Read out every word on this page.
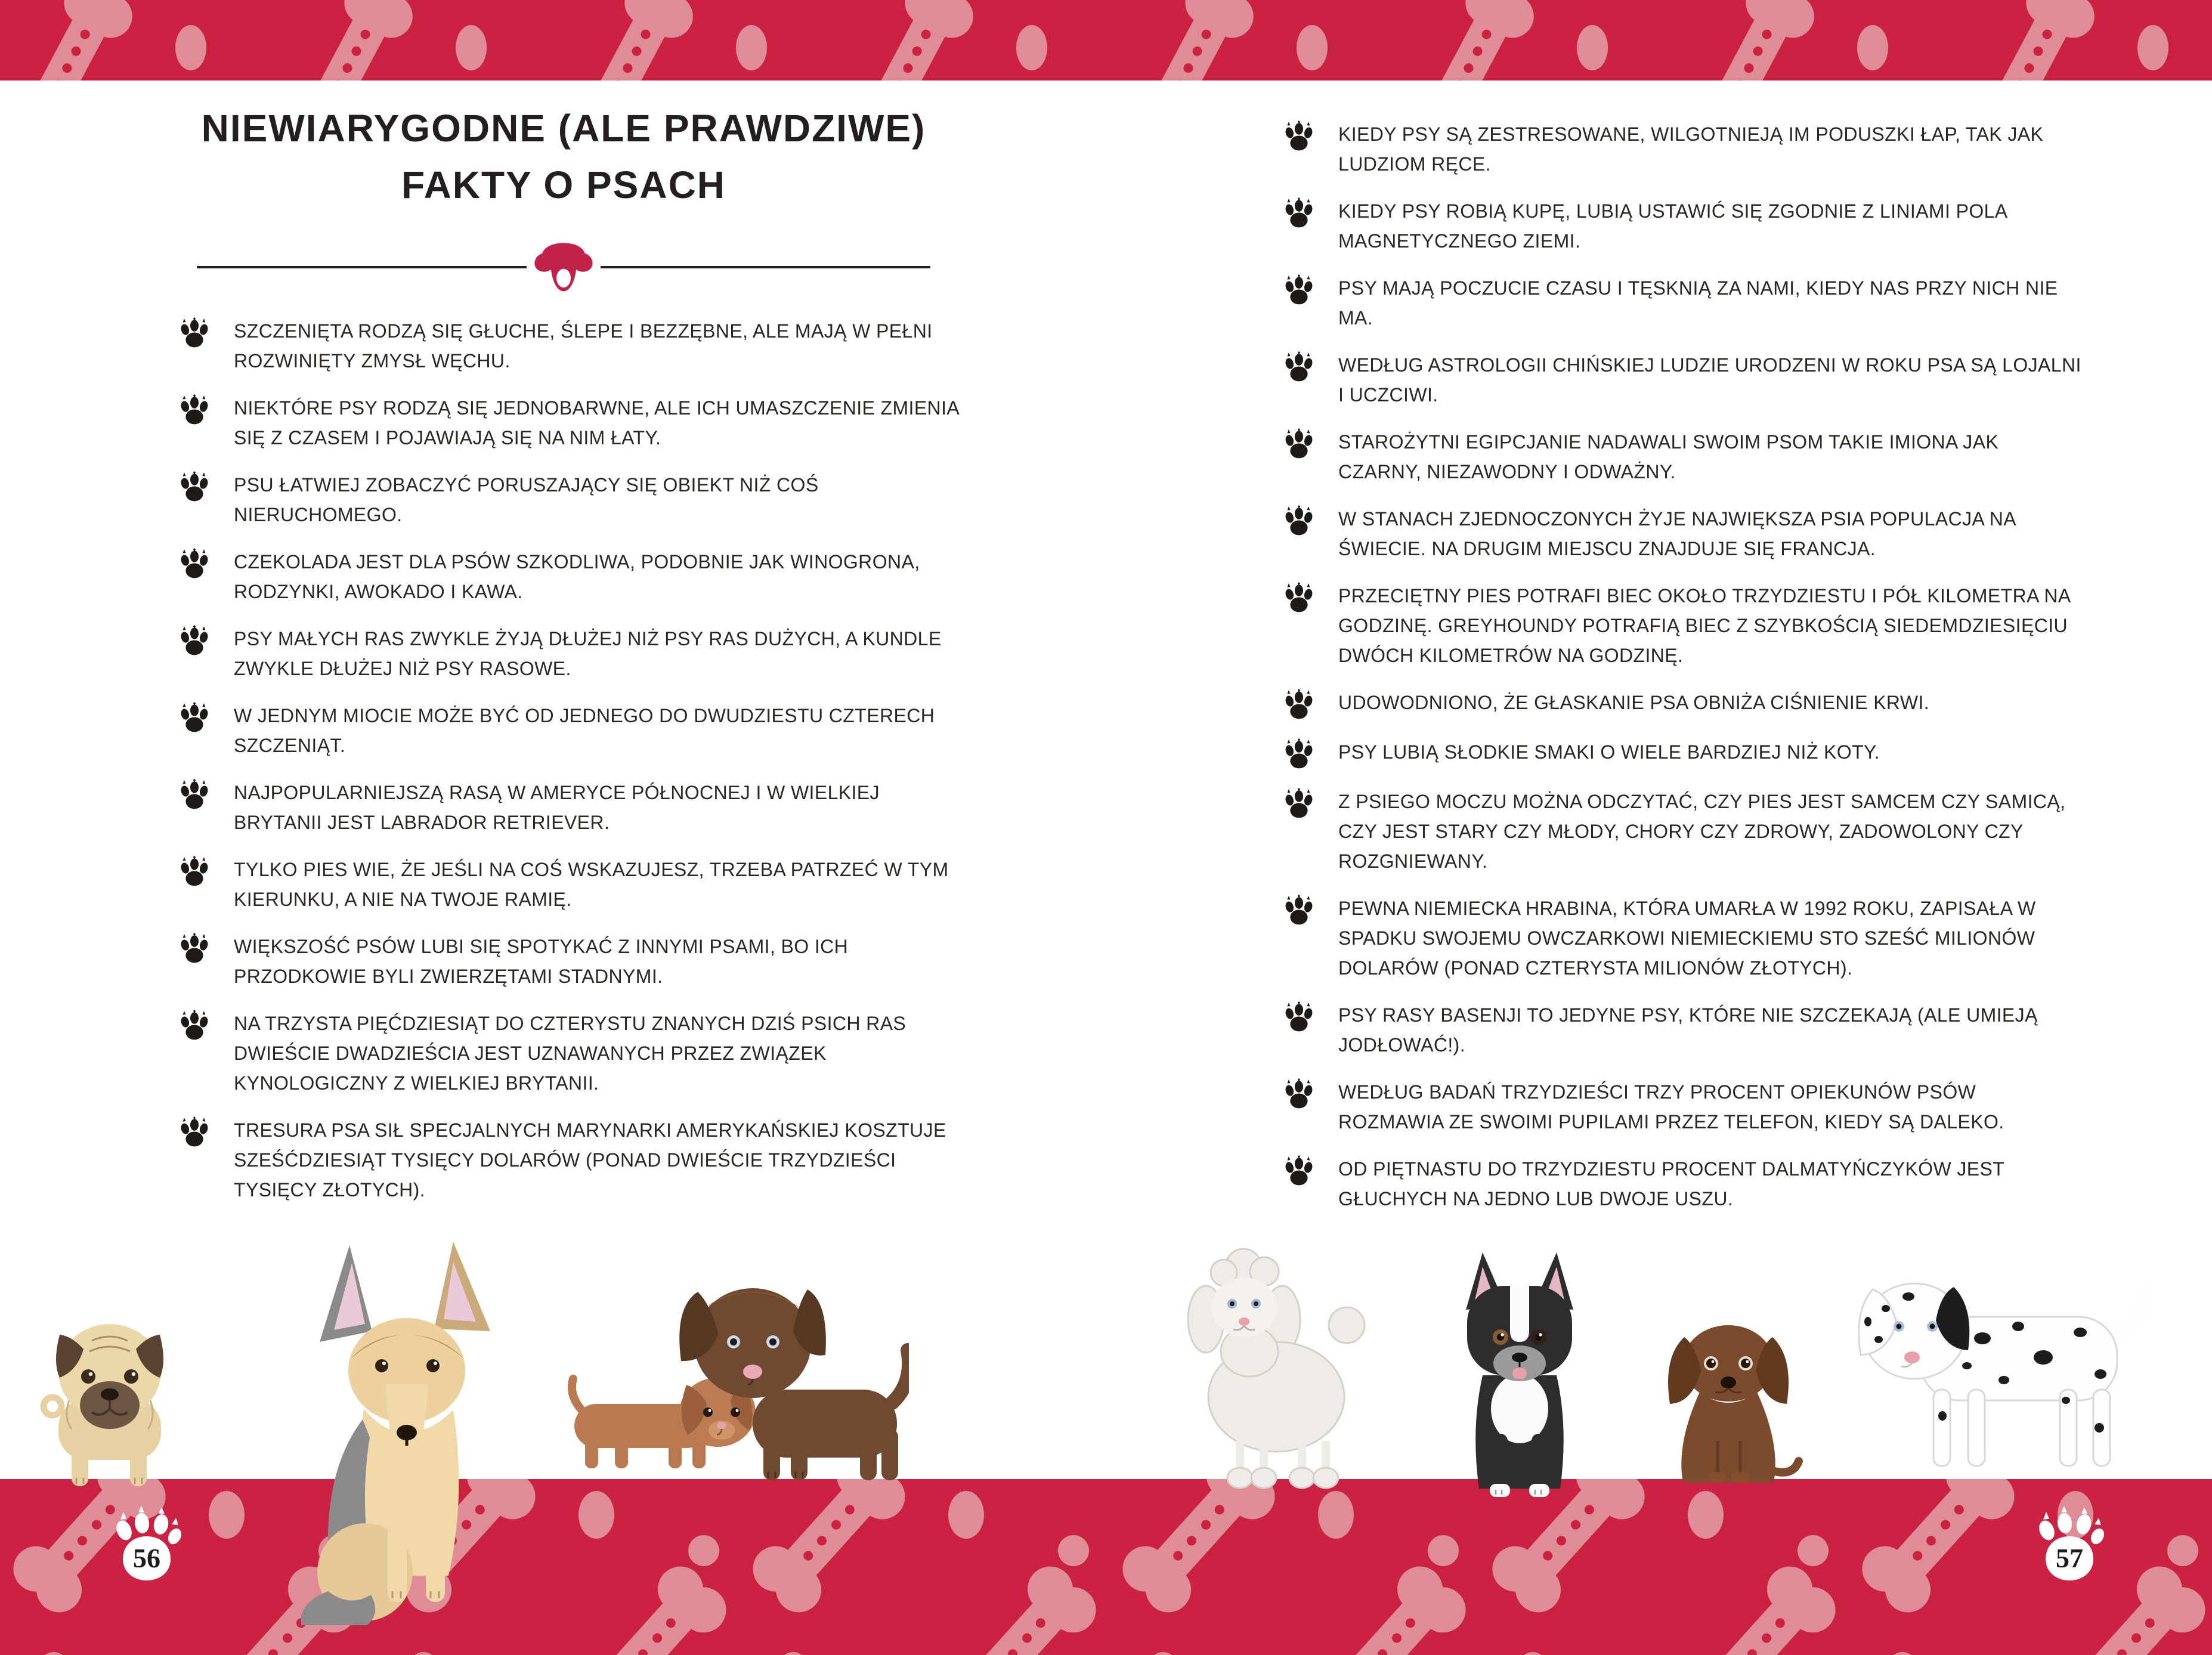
NIEWIARYGODNE (ALE PRAWDZIWE)
FAKTY O PSACH
SZCZENIĘTA RODZĄ SIĘ GŁUCHE, ŚLEPE I BEZZĘBNE, ALE MAJĄ W PEŁNI ROZWINIĘTY ZMYSŁ WĘCHU.
NIEKTÓRE PSY RODZĄ SIĘ JEDNOBARWNE, ALE ICH UMASZCZENIE ZMIENIA SIĘ Z CZASEM I POJAWIAJĄ SIĘ NA NIM ŁATY.
PSU ŁATWIEJ ZOBACZYĆ PORUSZAJĄCY SIĘ OBIEKT NIŻ COŚ NIERUCHOMEGO.
CZEKOLADA JEST DLA PSÓW SZKODLIWA, PODOBNIE JAK WINOGRONA, RODZYNKI, AWOKADO I KAWA.
PSY MAŁYCH RAS ZWYKLE ŻYJĄ DŁUŻEJ NIŻ PSY RAS DUŻYCH, A KUNDLE ZWYKLE DŁUŻEJ NIŻ PSY RASOWE.
W JEDNYM MIOCIE MOŻE BYĆ OD JEDNEGO DO DWUDZIESTU CZTERECH SZCZENIĄT.
NAJPOPULARNIEJSZĄ RASĄ W AMERYCE PÓŁNOCNEJ I W WIELKIEJ BRYTANII JEST LABRADOR RETRIEVER.
TYLKO PIES WIE, ŻE JEŚLI NA COŚ WSKAZUJESZ, TRZEBA PATRZEĆ W TYM KIERUNKU, A NIE NA TWOJE RAMIĘ.
WIĘKSZOŚĆ PSÓW LUBI SIĘ SPOTYKAĆ Z INNYMI PSAMI, BO ICH PRZODKOWIE BYLI ZWIERZĘTAMI STADNYMI.
NA TRZYSTA PIĘĆDZIESIĄT DO CZTERYSTU ZNANYCH DZIŚ PSICH RAS DWIEŚCIE DWADZIEŚCIA JEST UZNAWANYCH PRZEZ ZWIĄZEK KYNOLOGICZNY Z WIELKIEJ BRYTANII.
TRESURA PSA SIŁ SPECJALNYCH MARYNARKI AMERYKAŃSKIEJ KOSZTUJE SZEŚĆDZIESIĄT TYSIĘCY DOLARÓW (PONAD DWIEŚCIE TRZYDZIEŚCI TYSIĘCY ZŁOTYCH).
KIEDY PSY SĄ ZESTRESOWANE, WILGOTNIEJĄ IM PODUSZKI ŁAP, TAK JAK LUDZIOM RĘCE.
KIEDY PSY ROBIĄ KUPĘ, LUBIĄ USTAWIĆ SIĘ ZGODNIE Z LINIAMI POLA MAGNETYCZNEGO ZIEMI.
PSY MAJĄ POCZUCIE CZASU I TĘSKNIĄ ZA NAMI, KIEDY NAS PRZY NICH NIE MA.
WEDŁUG ASTROLOGII CHIŃSKIEJ LUDZIE URODZENI W ROKU PSA SĄ LOJALNI I UCZCIWI.
STAROŻYTNI EGIPCJANIE NADAWALI SWOIM PSOM TAKIE IMIONA JAK CZARNY, NIEZAWODNY I ODWAŻNY.
W STANACH ZJEDNOCZONYCH ŻYJE NAJWIĘKSZA PSIA POPULACJA NA ŚWIECIE. NA DRUGIM MIEJSCU ZNAJDUJE SIĘ FRANCJA.
PRZECIĘTNY PIES POTRAFI BIEC OKOŁO TRZYDZIESTU I PÓŁ KILOMETRA NA GODZINĘ. GREYHOUNDY POTRAFIĄ BIEC Z SZYBKOŚCIĄ SIEDEMDZIESIĘCIU DWÓCH KILOMETRÓW NA GODZINĘ.
UDOWODNIONO, ŻE GŁASKANIE PSA OBNIŻA CIŚNIENIE KRWI.
PSY LUBIĄ SŁODKIE SMAKI O WIELE BARDZIEJ NIŻ KOTY.
Z PSIEGO MOCZU MOŻNA ODCZYTAĆ, CZY PIES JEST SAMCEM CZY SAMICĄ, CZY JEST STARY CZY MŁODY, CHORY CZY ZDROWY, ZADOWOLONY CZY ROZGNIEWANY.
PEWNA NIEMIECKA HRABINA, KTÓRA UMARŁA W 1992 ROKU, ZAPISAŁA W SPADKU SWOJEMU OWCZARKOWI NIEMIECKIEMU STO SZEŚĆ MILIONÓW DOLARÓW (PONAD CZTERYSTA MILIONÓW ZŁOTYCH).
PSY RASY BASENJI TO JEDYNE PSY, KTÓRE NIE SZCZEKAJĄ (ALE UMIEJĄ JODŁOWAĆ!).
WEDŁUG BADAŃ TRZYDZIEŚCI TRZY PROCENT OPIEKUNÓW PSÓW ROZMAWIA ZE SWOIMI PUPILAMI PRZEZ TELEFON, KIEDY SĄ DALEKO.
OD PIĘTNASTU DO TRZYDZIESTU PROCENT DALMATYŃCZYKÓW JEST GŁUCHYCH NA JEDNO LUB DWOJE USZU.
56	57
